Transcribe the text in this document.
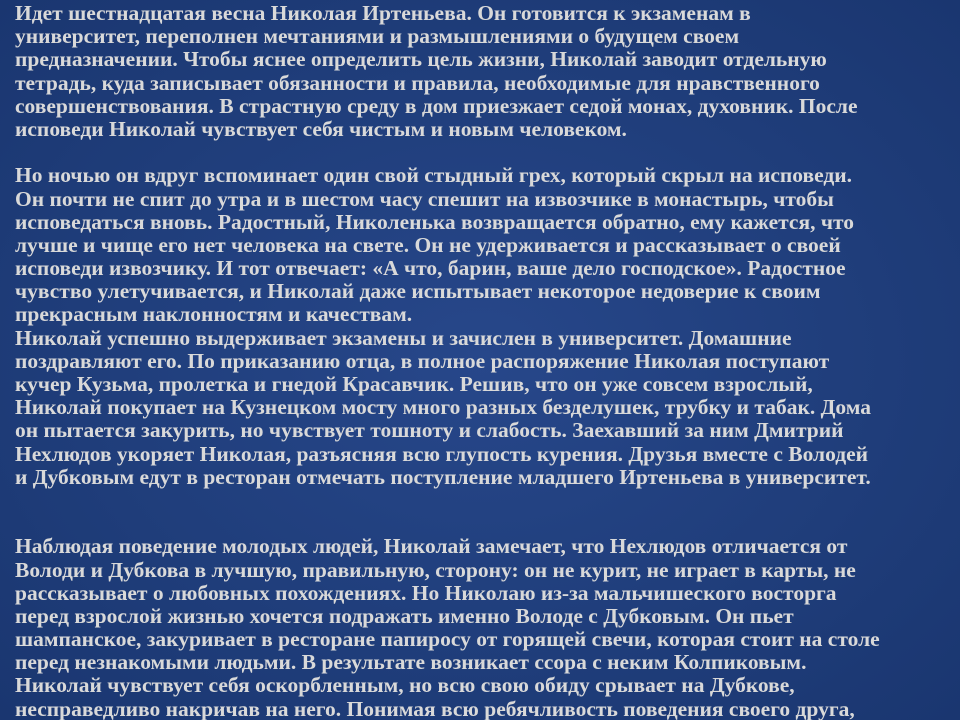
Идет шестнадцатая весна Николая Иртеньева. Он готовится к экзаменам в
университет, переполнен мечтаниями и размышлениями о будущем своем
предназначении. Чтобы яснее определить цель жизни, Николай заводит отдельную
тетрадь, куда записывает обязанности и правила, необходимые для нравственного
совершенствования. В страстную среду в дом приезжает седой монах, духовник. После
исповеди Николай чувствует себя чистым и новым человеком.
Но ночью он вдруг вспоминает один свой стыдный грех, который скрыл на исповеди.
Он почти не спит до утра и в шестом часу спешит на извозчике в монастырь, чтобы
исповедаться вновь. Радостный, Николенька возвращается обратно, ему кажется, что
лучше и чище его нет человека на свете. Он не удерживается и рассказывает о своей
исповеди извозчику. И тот отвечает: «А что, барин, ваше дело господское». Радостное
чувство улетучивается, и Николай даже испытывает некоторое недоверие к своим
прекрасным наклонностям и качествам.
Николай успешно выдерживает экзамены и зачислен в университет. Домашние
поздравляют его. По приказанию отца, в полное распоряжение Николая поступают
кучер Кузьма, пролетка и гнедой Красавчик. Решив, что он уже совсем взрослый,
Николай покупает на Кузнецком мосту много разных безделушек, трубку и табак. Дома
он пытается закурить, но чувствует тошноту и слабость. Заехавший за ним Дмитрий
Нехлюдов укоряет Николая, разъясняя всю глупость курения. Друзья вместе с Володей
и Дубковым едут в ресторан отмечать поступление младшего Иртеньева в университет.
Наблюдая поведение молодых людей, Николай замечает, что Нехлюдов отличается от
Володи и Дубкова в лучшую, правильную, сторону: он не курит, не играет в карты, не
рассказывает о любовных похождениях. Но Николаю из-за мальчишеского восторга
перед взрослой жизнью хочется подражать именно Володе с Дубковым. Он пьет
шампанское, закуривает в ресторане папиросу от горящей свечи, которая стоит на столе
перед незнакомыми людьми. В результате возникает ссора с неким Колпиковым.
Николай чувствует себя оскорбленным, но всю свою обиду срывает на Дубкове,
несправедливо накричав на него. Понимая всю ребячливость поведения своего друга,
